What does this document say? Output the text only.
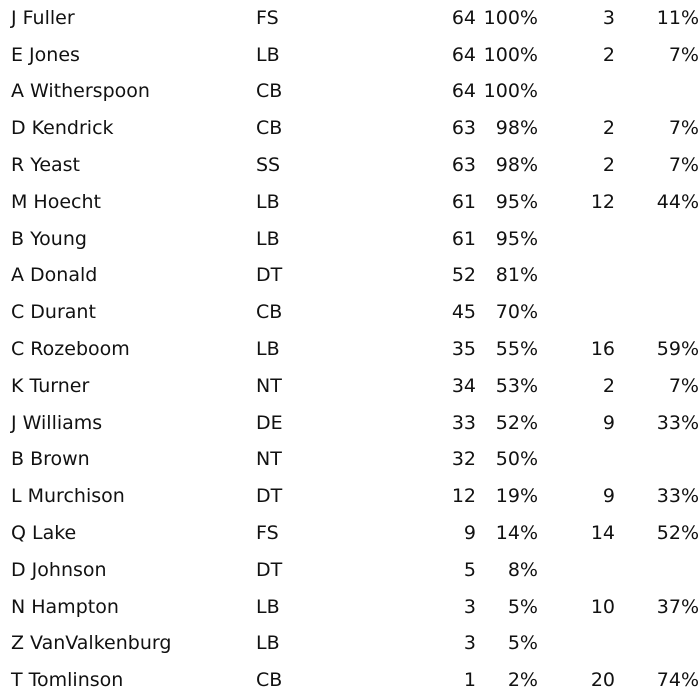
J Fuller	FS	64	100%	3	11%
E Jones	LB	64	100%	2	7%
A Witherspoon	CB	64	100%		
D Kendrick	CB	63	98%	2	7%
R Yeast	SS	63	98%	2	7%
M Hoecht	LB	61	95%	12	44%
B Young	LB	61	95%		
A Donald	DT	52	81%		
C Durant	CB	45	70%		
C Rozeboom	LB	35	55%	16	59%
K Turner	NT	34	53%	2	7%
J Williams	DE	33	52%	9	33%
B Brown	NT	32	50%		
L Murchison	DT	12	19%	9	33%
Q Lake	FS	9	14%	14	52%
D Johnson	DT	5	8%		
N Hampton	LB	3	5%	10	37%
Z VanValkenburg	LB	3	5%		
T Tomlinson	CB	1	2%	20	74%
